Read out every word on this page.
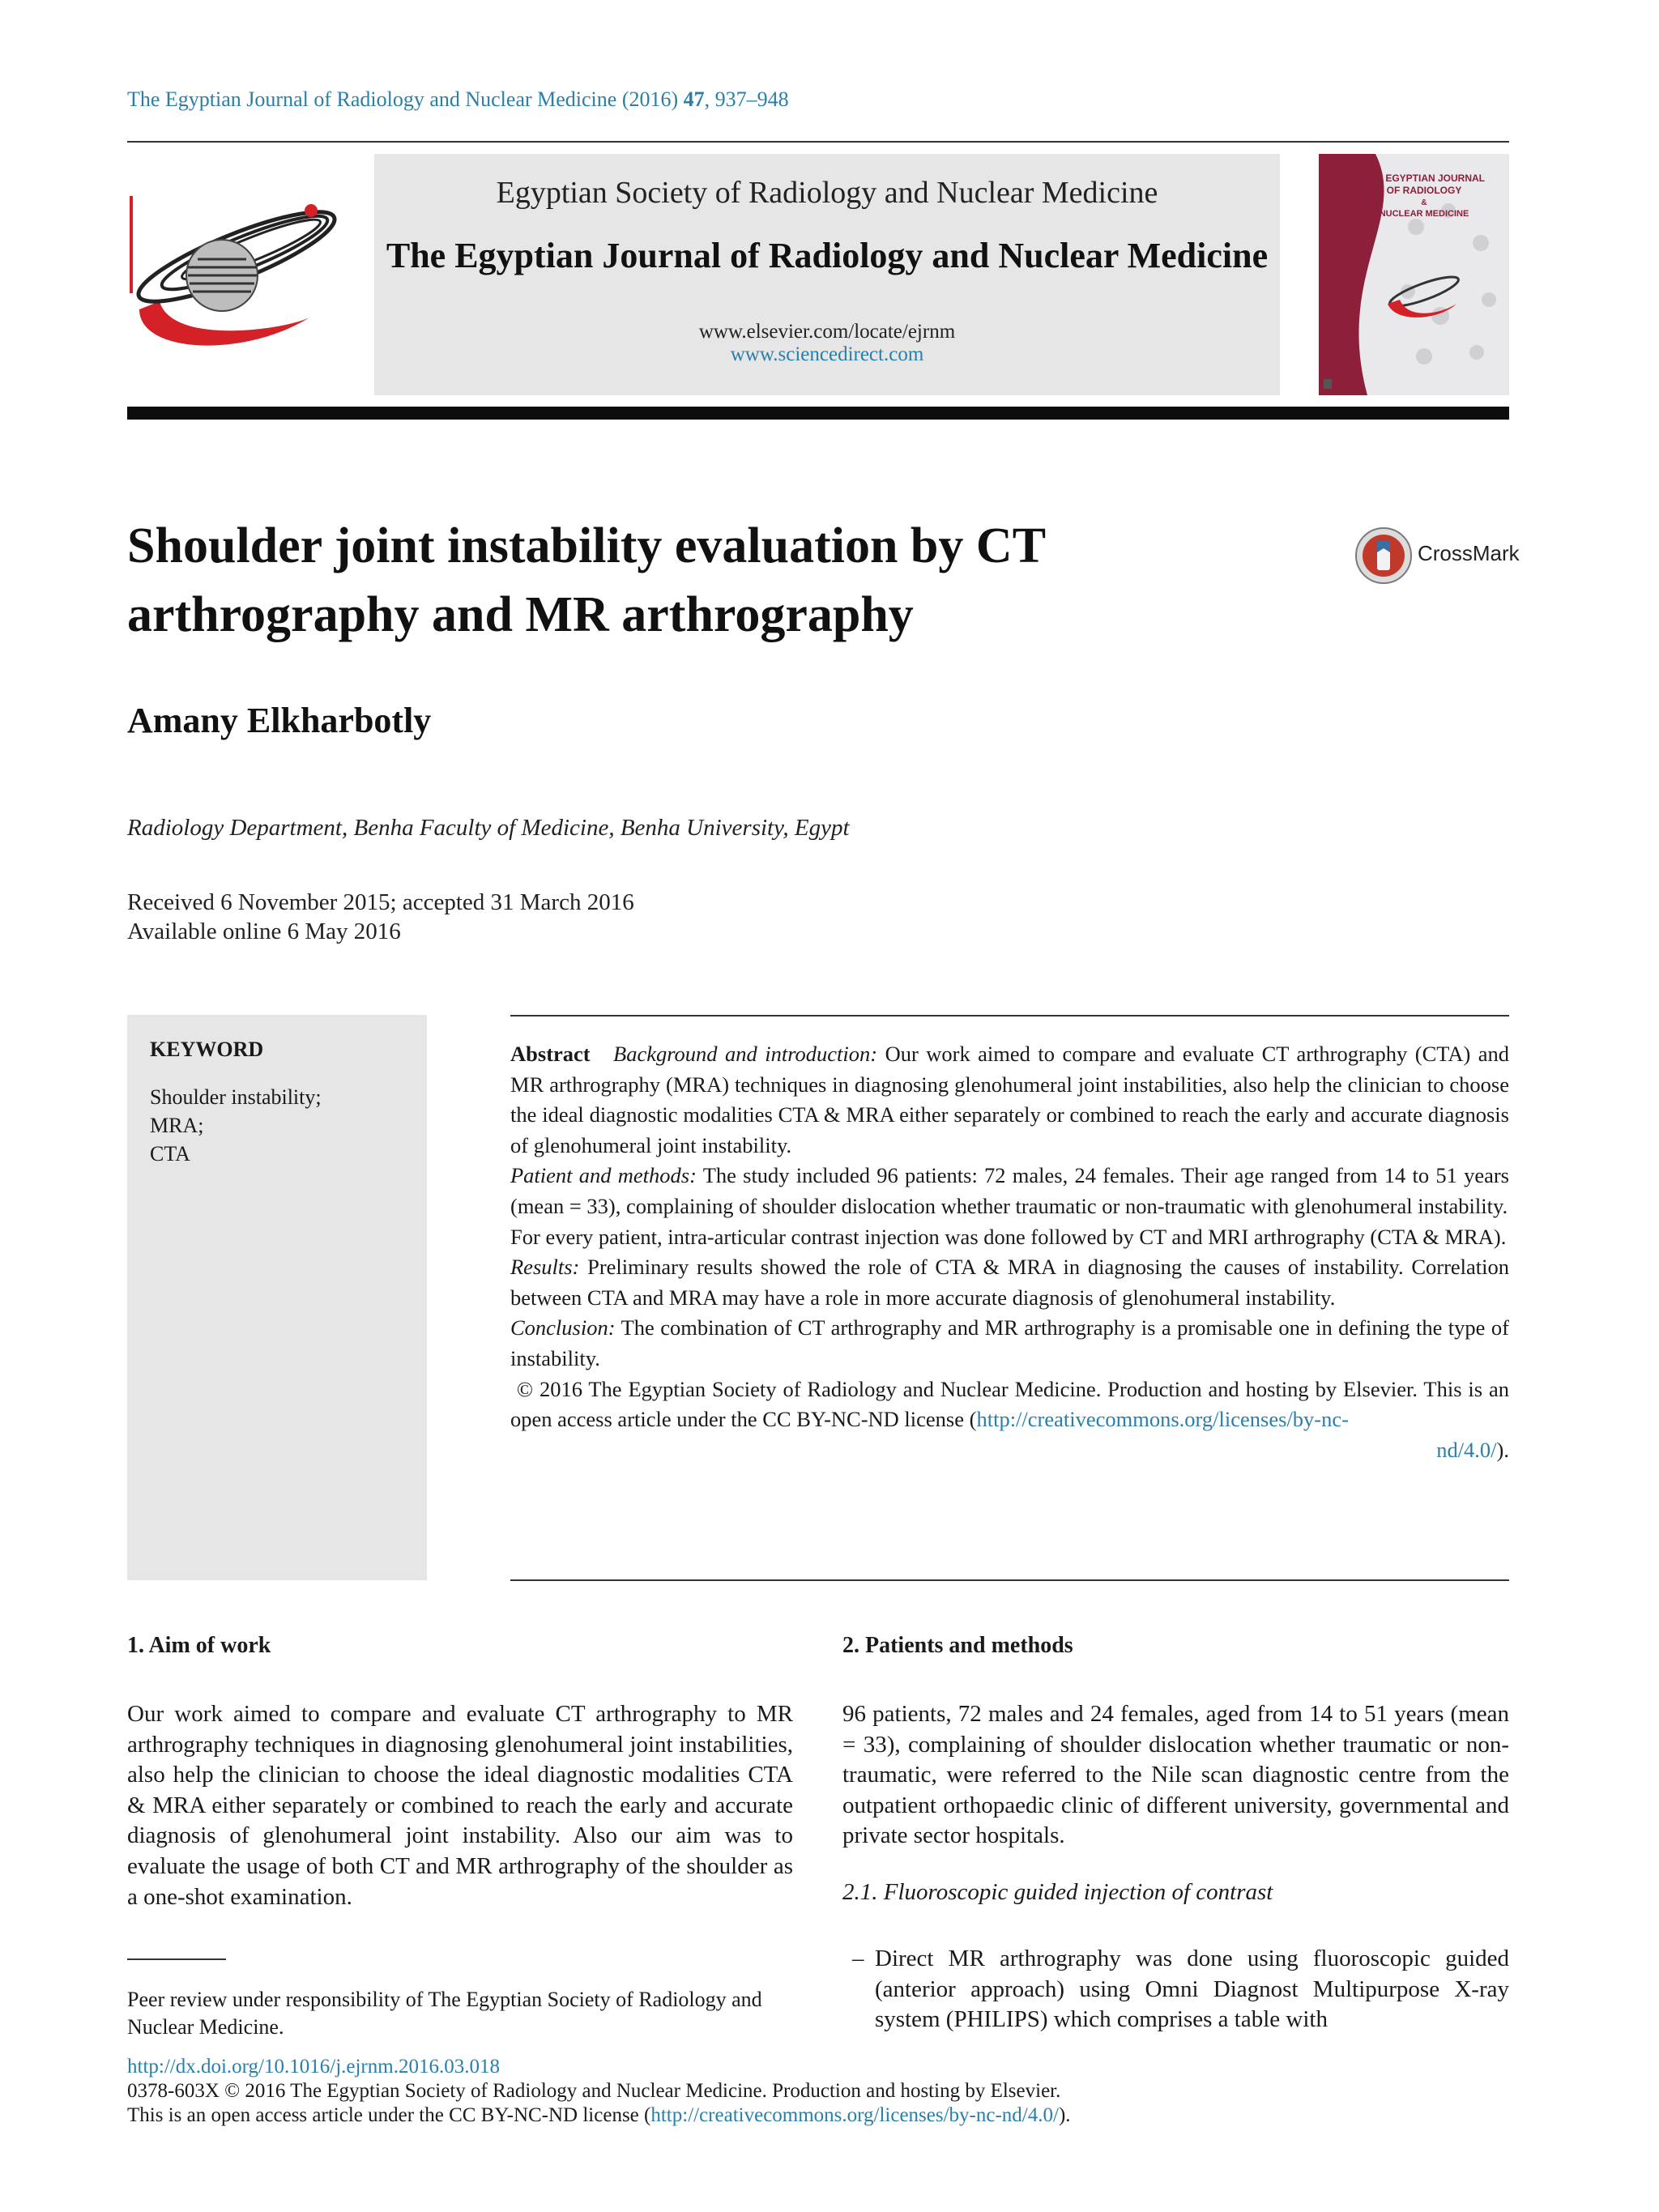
The Egyptian Journal of Radiology and Nuclear Medicine (2016) 47, 937–948
Egyptian Society of Radiology and Nuclear Medicine
The Egyptian Journal of Radiology and Nuclear Medicine
www.elsevier.com/locate/ejrnm
www.sciencedirect.com
THE EGYPTIAN JOURNAL
OF RADIOLOGY
&
NUCLEAR MEDICINE
Shoulder joint instability evaluation by CT
arthrography and MR arthrography
CrossMark
Amany Elkharbotly
Radiology Department, Benha Faculty of Medicine, Benha University, Egypt
Received 6 November 2015; accepted 31 March 2016
Available online 6 May 2016
KEYWORD
Shoulder instability;
MRA;
CTA

Abstract Background and introduction: Our work aimed to compare and evaluate CT arthrography (CTA) and MR arthrography (MRA) techniques in diagnosing glenohumeral joint instabilities, also help the clinician to choose the ideal diagnostic modalities CTA & MRA either separately or combined to reach the early and accurate diagnosis of glenohumeral joint instability.

Patient and methods: The study included 96 patients: 72 males, 24 females. Their age ranged from 14 to 51 years (mean = 33), complaining of shoulder dislocation whether traumatic or non-traumatic with glenohumeral instability.

For every patient, intra-articular contrast injection was done followed by CT and MRI arthrography (CTA & MRA).

Results: Preliminary results showed the role of CTA & MRA in diagnosing the causes of instability. Correlation between CTA and MRA may have a role in more accurate diagnosis of glenohumeral instability.

Conclusion: The combination of CT arthrography and MR arthrography is a promisable one in defining the type of instability.

© 2016 The Egyptian Society of Radiology and Nuclear Medicine. Production and hosting by Elsevier. This is an open access article under the CC BY-NC-ND license (http://creativecommons.org/licenses/by-nc-

nd/4.0/).

1. Aim of work
Our work aimed to compare and evaluate CT arthrography to MR arthrography techniques in diagnosing glenohumeral joint instabilities, also help the clinician to choose the ideal diagnostic modalities CTA & MRA either separately or combined to reach the early and accurate diagnosis of glenohumeral joint instability. Also our aim was to evaluate the usage of both CT and MR arthrography of the shoulder as a one-shot examination.
2. Patients and methods
96 patients, 72 males and 24 females, aged from 14 to 51 years (mean = 33), complaining of shoulder dislocation whether traumatic or non-traumatic, were referred to the Nile scan diagnostic centre from the outpatient orthopaedic clinic of different university, governmental and private sector hospitals.
2.1. Fluoroscopic guided injection of contrast
– Direct MR arthrography was done using fluoroscopic guided (anterior approach) using Omni Diagnost Multipurpose X-ray system (PHILIPS) which comprises a table with
Peer review under responsibility of The Egyptian Society of Radiology and Nuclear Medicine.
http://dx.doi.org/10.1016/j.ejrnm.2016.03.018
0378-603X © 2016 The Egyptian Society of Radiology and Nuclear Medicine. Production and hosting by Elsevier.
This is an open access article under the CC BY-NC-ND license (http://creativecommons.org/licenses/by-nc-nd/4.0/).
